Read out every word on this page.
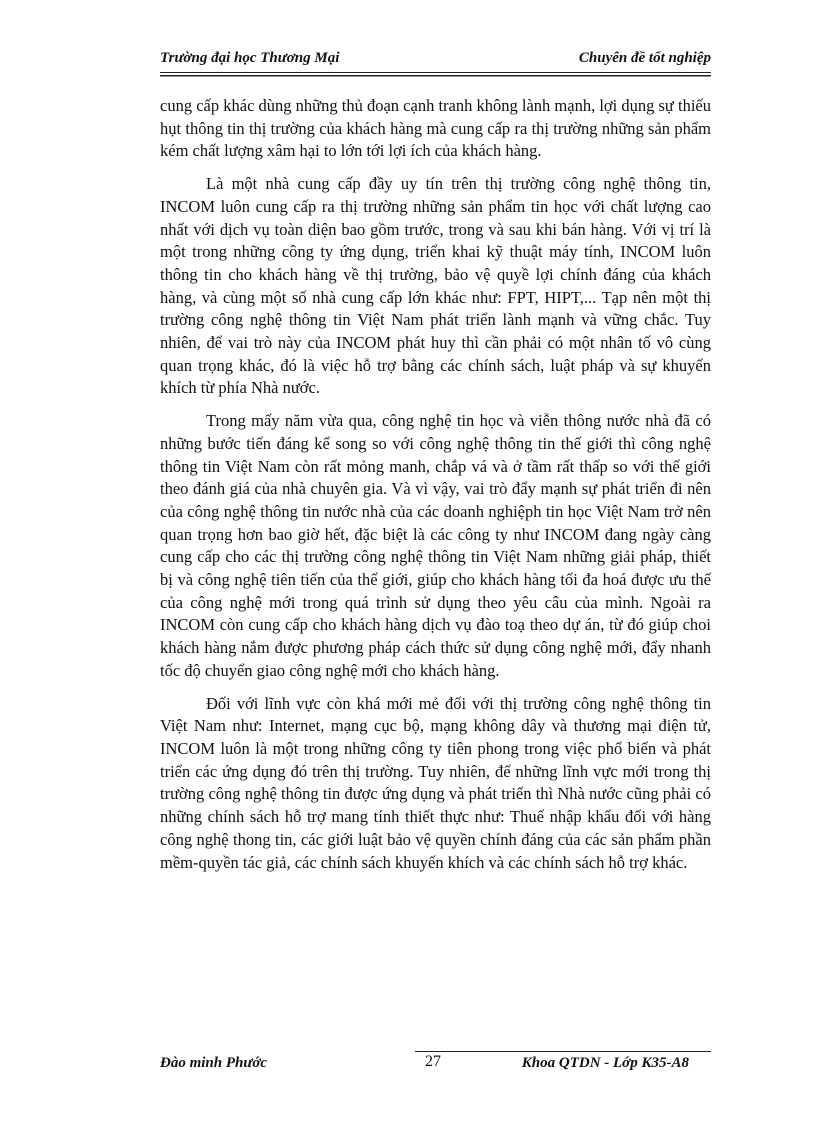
Trường đại học Thương Mại	Chuyên đề tốt nghiệp

cung cấp khác dùng những thủ đoạn cạnh tranh không lành mạnh, lợi dụng sự thiếu hụt thông tin thị trường của khách hàng mà cung cấp ra thị trường những sản phẩm kém chất lượng xâm hại to lớn tới lợi ích của khách hàng.

Là một nhà cung cấp đầy uy tín trên thị trường công nghệ thông tin, INCOM luôn cung cấp ra thị trường những sản phẩm tin học với chất lượng cao nhất với dịch vụ toàn diện bao gồm trước, trong và sau khi bán hàng. Với vị trí là một trong những công ty ứng dụng, triển khai kỹ thuật máy tính, INCOM luôn thông tin cho khách hàng về thị trường, bảo vệ quyề lợi chính đáng của khách hàng, và cùng một số nhà cung cấp lớn khác như: FPT, HIPT,... Tạp nên một thị trường công nghệ thông tin Việt Nam phát triển lành mạnh và vững chắc. Tuy nhiên, để vai trò này của INCOM phát huy thì cần phải có một nhân tố vô cùng quan trọng khác, đó là việc hỗ trợ bằng các chính sách, luật pháp và sự khuyến khích từ phía Nhà nước.

Trong mấy năm vừa qua, công nghệ tin học và viễn thông nước nhà đã có những bước tiến đáng kể song so với công nghệ thông tin thế giới thì công nghệ thông tin Việt Nam còn rất mỏng manh, chắp vá và ở tầm rất thấp so với thế giới theo đánh giá của nhà chuyên gia. Và vì vậy, vai trò đẩy mạnh sự phát triển đi nên của công nghệ thông tin nước nhà của các doanh nghiệph tin học Việt Nam trở nên quan trọng hơn bao giờ hết, đặc biệt là các công ty như INCOM đang ngày càng cung cấp cho các thị trường công nghệ thông tin Việt Nam những giải pháp, thiết bị và công nghệ tiên tiến của thế giới, giúp cho khách hàng tối đa hoá được ưu thế của công nghệ mới trong quá trình sử dụng theo yêu câu của mình. Ngoài ra INCOM còn cung cấp cho khách hàng dịch vụ đào toạ theo dự án, từ đó giúp choi khách hàng nắm được phương pháp cách thức sử dụng công nghệ mới, đẩy nhanh tốc độ chuyển giao công nghệ mới cho khách hàng.

Đối với lĩnh vực còn khá mới mẻ đối với thị trường công nghệ thông tin Việt Nam như: Internet, mạng cục bộ, mạng không dây và thương mại điện tử, INCOM luôn là một trong những công ty tiên phong trong việc phổ biến và phát triển các ứng dụng đó trên thị trường. Tuy nhiên, để những lĩnh vực mới trong thị trường công nghệ thông tin được ứng dụng và phát triển thì Nhà nước cũng phải có những chính sách hỗ trợ mang tính thiết thực như: Thuế nhập khẩu đối với hàng công nghệ thong tin, các giới luật bảo vệ quyền chính đáng của các sản phẩm phần mềm-quyền tác giả, các chính sách khuyến khích và các chính sách hỗ trợ khác.

Đào minh Phước	27	Khoa QTDN - Lớp K35-A8
